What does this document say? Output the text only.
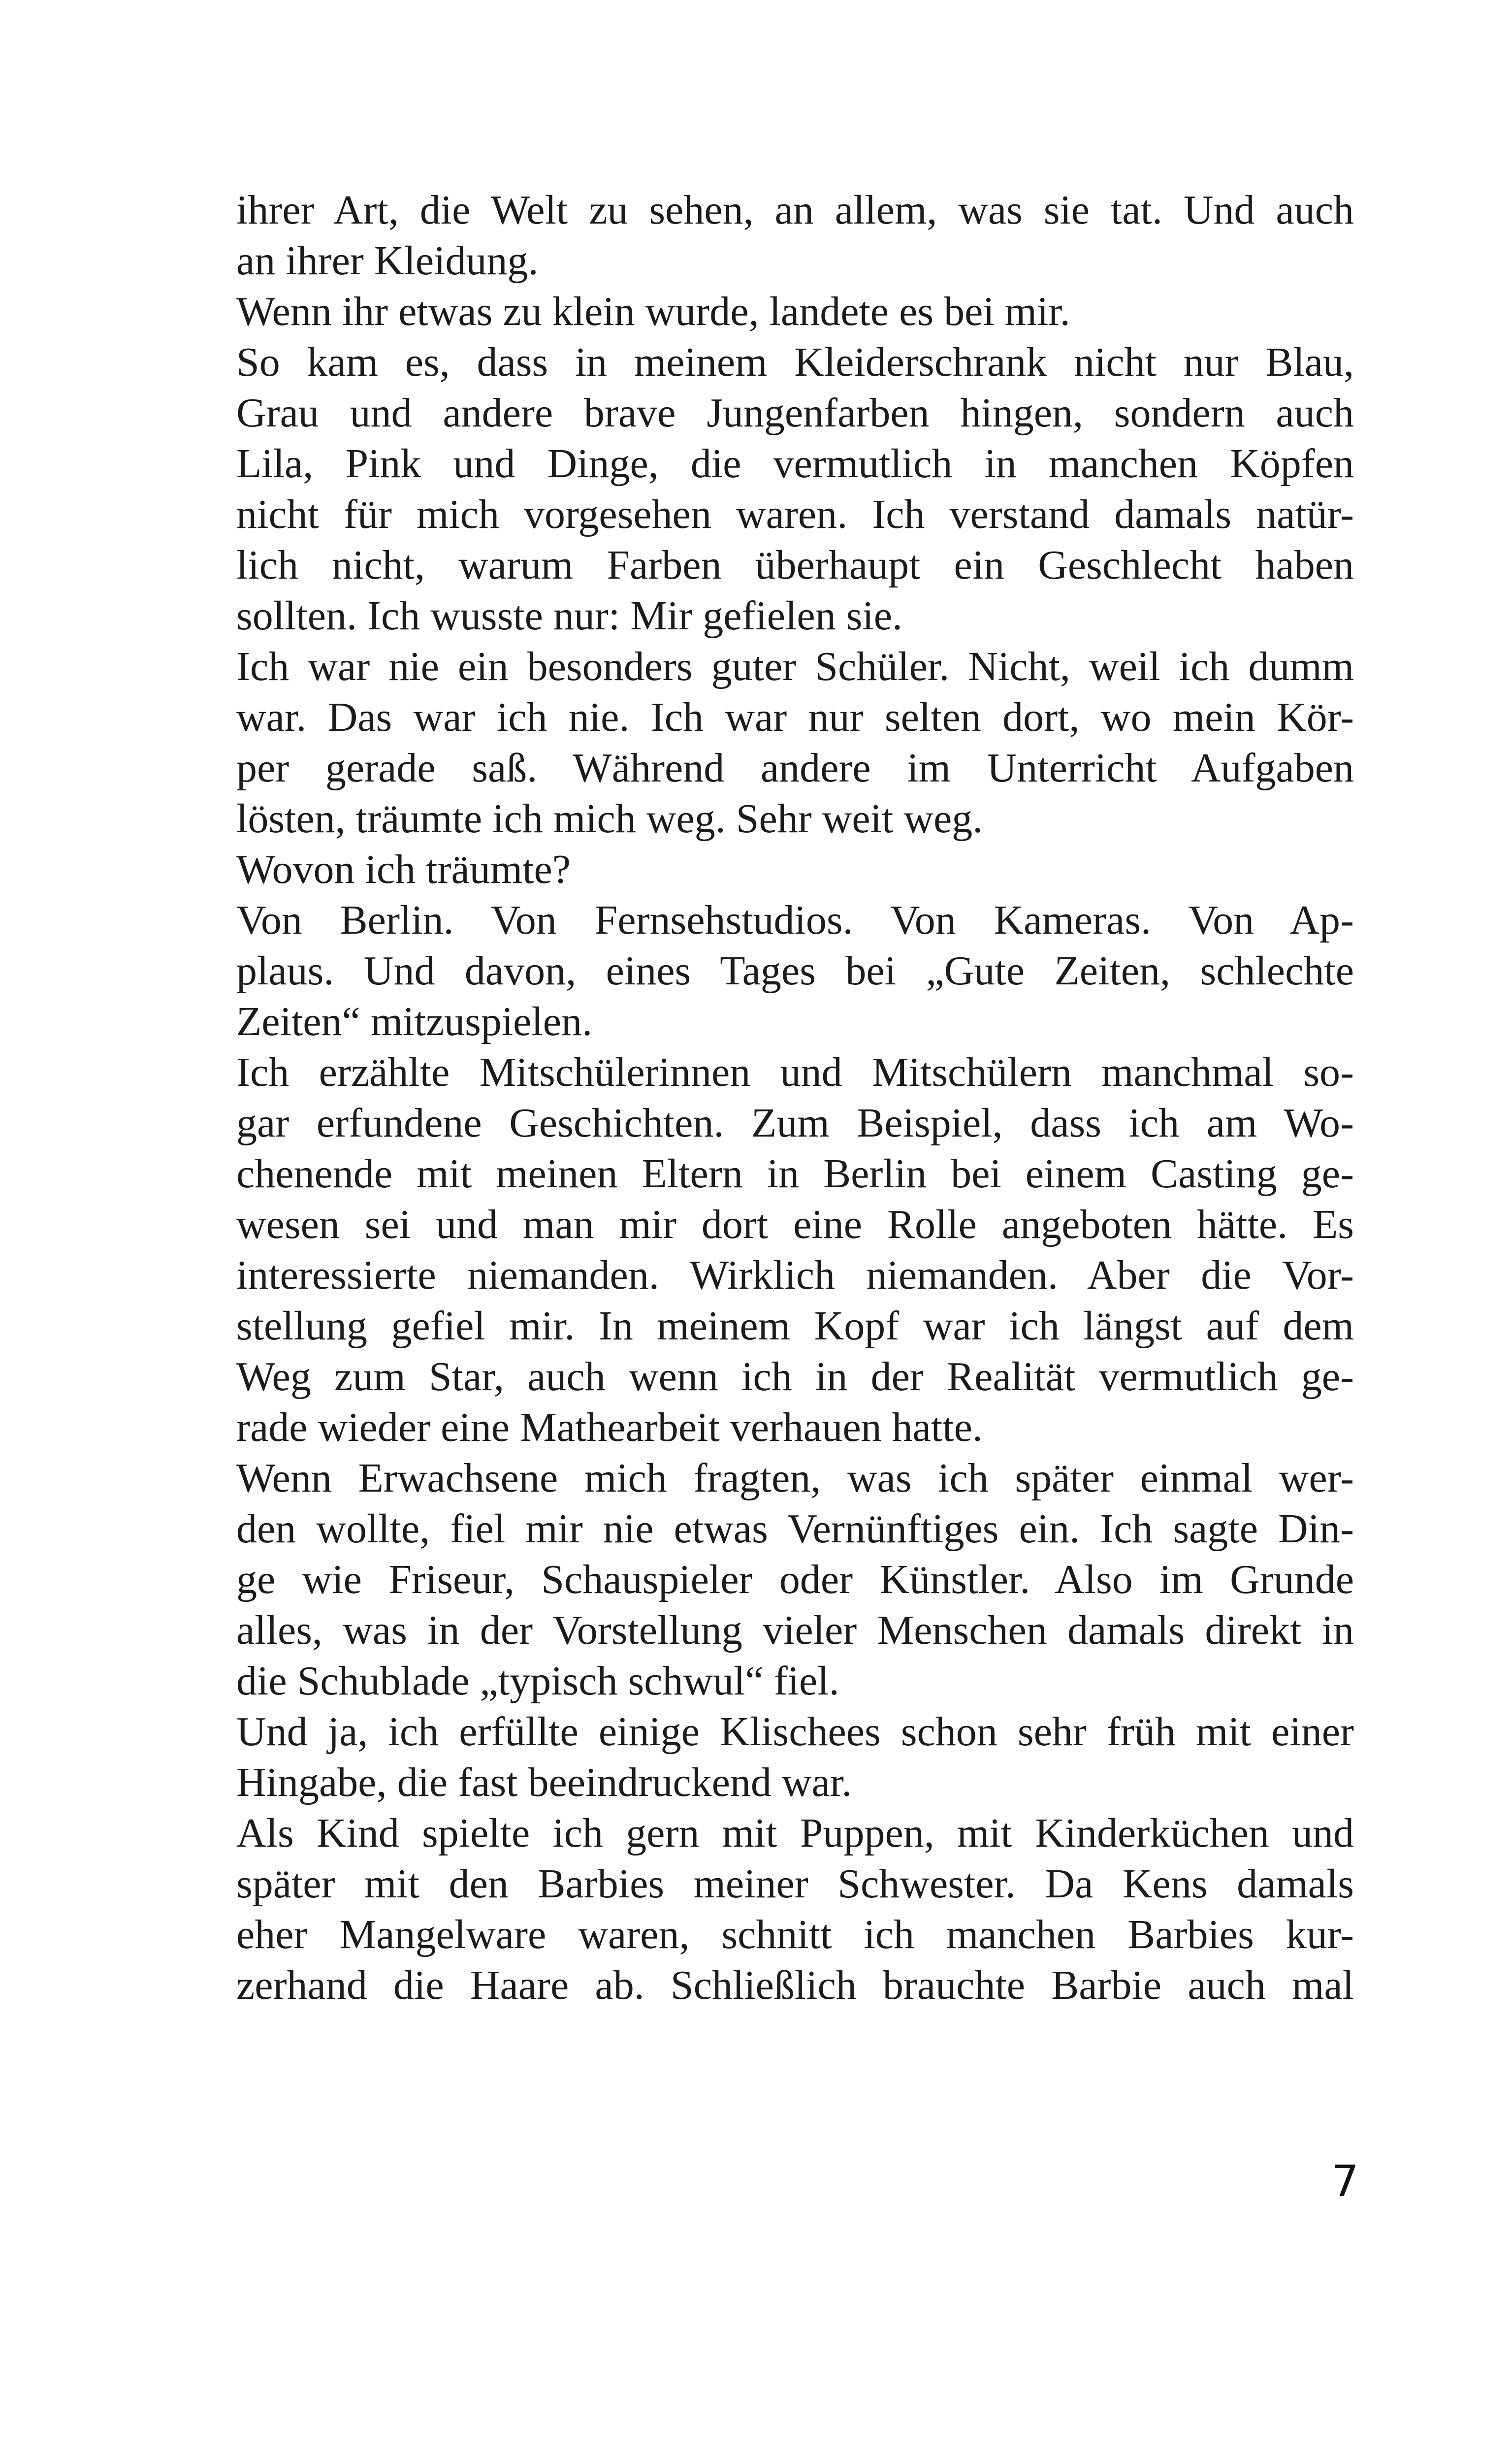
ihrer Art, die Welt zu sehen, an allem, was sie tat. Und auch
an ihrer Kleidung.
Wenn ihr etwas zu klein wurde, landete es bei mir.
So kam es, dass in meinem Kleiderschrank nicht nur Blau,
Grau und andere brave Jungenfarben hingen, sondern auch
Lila, Pink und Dinge, die vermutlich in manchen Köpfen
nicht für mich vorgesehen waren. Ich verstand damals natür-
lich nicht, warum Farben überhaupt ein Geschlecht haben
sollten. Ich wusste nur: Mir gefielen sie.
Ich war nie ein besonders guter Schüler. Nicht, weil ich dumm
war. Das war ich nie. Ich war nur selten dort, wo mein Kör-
per gerade saß. Während andere im Unterricht Aufgaben
lösten, träumte ich mich weg. Sehr weit weg.
Wovon ich träumte?
Von Berlin. Von Fernsehstudios. Von Kameras. Von Ap-
plaus. Und davon, eines Tages bei „Gute Zeiten, schlechte
Zeiten“ mitzuspielen.
Ich erzählte Mitschülerinnen und Mitschülern manchmal so-
gar erfundene Geschichten. Zum Beispiel, dass ich am Wo-
chenende mit meinen Eltern in Berlin bei einem Casting ge-
wesen sei und man mir dort eine Rolle angeboten hätte. Es
interessierte niemanden. Wirklich niemanden. Aber die Vor-
stellung gefiel mir. In meinem Kopf war ich längst auf dem
Weg zum Star, auch wenn ich in der Realität vermutlich ge-
rade wieder eine Mathearbeit verhauen hatte.
Wenn Erwachsene mich fragten, was ich später einmal wer-
den wollte, fiel mir nie etwas Vernünftiges ein. Ich sagte Din-
ge wie Friseur, Schauspieler oder Künstler. Also im Grunde
alles, was in der Vorstellung vieler Menschen damals direkt in
die Schublade „typisch schwul“ fiel.
Und ja, ich erfüllte einige Klischees schon sehr früh mit einer
Hingabe, die fast beeindruckend war.
Als Kind spielte ich gern mit Puppen, mit Kinderküchen und
später mit den Barbies meiner Schwester. Da Kens damals
eher Mangelware waren, schnitt ich manchen Barbies kur-
zerhand die Haare ab. Schließlich brauchte Barbie auch mal
7
